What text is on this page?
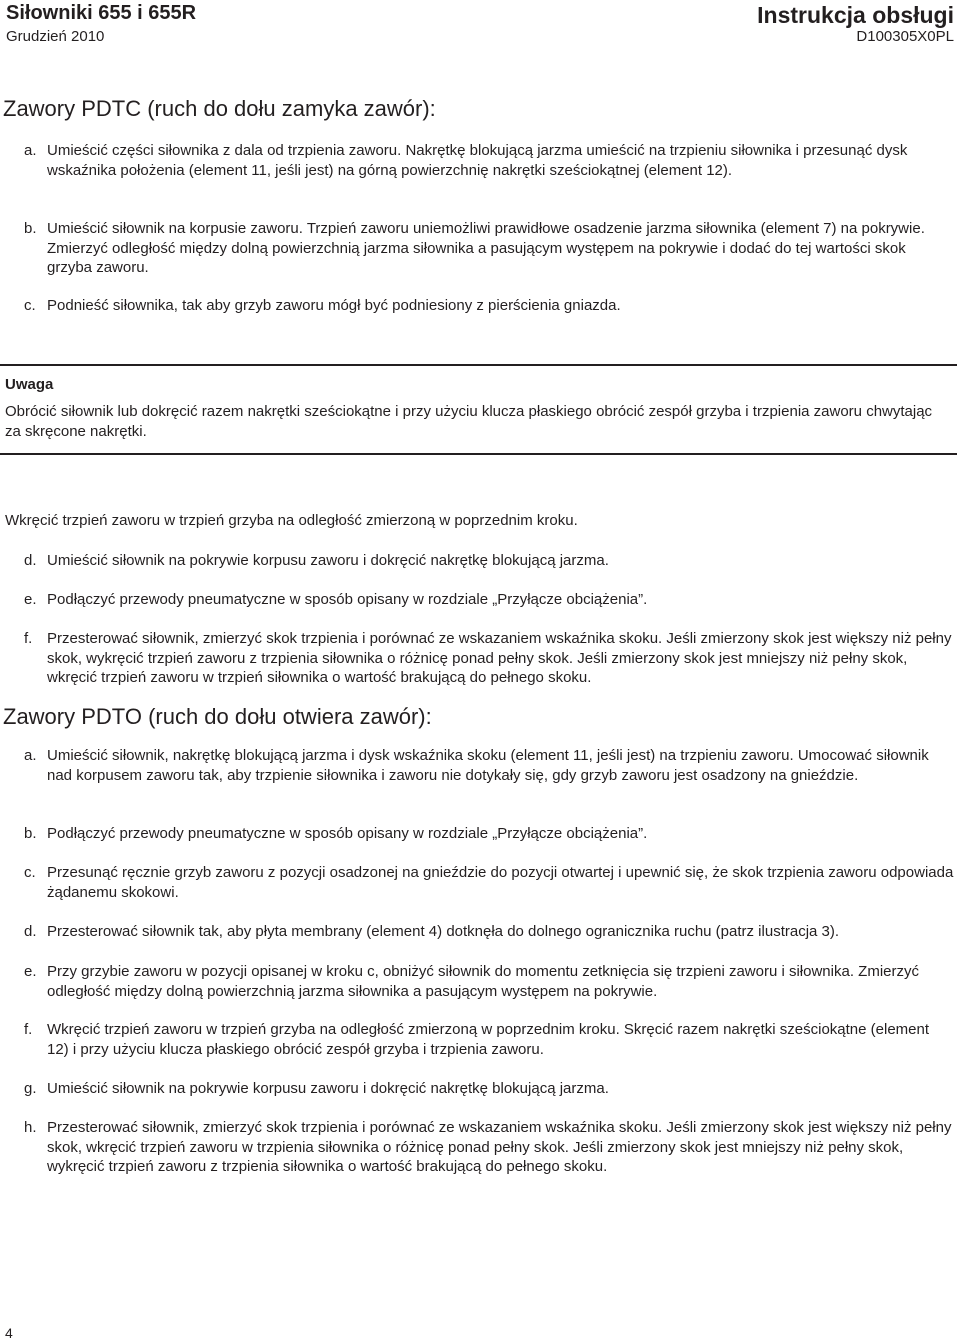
Siłowniki 655 i 655R
Grudzień 2010
Instrukcja obsługi
D100305X0PL
Zawory PDTC (ruch do dołu zamyka zawór):
a. Umieścić części siłownika z dala od trzpienia zaworu. Nakrętkę blokującą jarzma umieścić na trzpieniu siłownika i przesunąć dysk wskaźnika położenia (element 11, jeśli jest) na górną powierzchnię nakrętki sześciokątnej (element 12).
b. Umieścić siłownik na korpusie zaworu. Trzpień zaworu uniemożliwi prawidłowe osadzenie jarzma siłownika (element 7) na pokrywie. Zmierzyć odległość między dolną powierzchnią jarzma siłownika a pasującym występem na pokrywie i dodać do tej wartości skok grzyba zaworu.
c. Podnieść siłownika, tak aby grzyb zaworu mógł być podniesiony z pierścienia gniazda.
Uwaga
Obrócić siłownik lub dokręcić razem nakrętki sześciokątne i przy użyciu klucza płaskiego obrócić zespół grzyba i trzpienia zaworu chwytając za skręcone nakrętki.
Wkręcić trzpień zaworu w trzpień grzyba na odległość zmierzoną w poprzednim kroku.
d. Umieścić siłownik na pokrywie korpusu zaworu i dokręcić nakrętkę blokującą jarzma.
e. Podłączyć przewody pneumatyczne w sposób opisany w rozdziale „Przyłącze obciążenia”.
f. Przesterować siłownik, zmierzyć skok trzpienia i porównać ze wskazaniem wskaźnika skoku. Jeśli zmierzony skok jest większy niż pełny skok, wykręcić trzpień zaworu z trzpienia siłownika o różnicę ponad pełny skok. Jeśli zmierzony skok jest mniejszy niż pełny skok, wkręcić trzpień zaworu w trzpień siłownika o wartość brakującą do pełnego skoku.
Zawory PDTO (ruch do dołu otwiera zawór):
a. Umieścić siłownik, nakrętkę blokującą jarzma i dysk wskaźnika skoku (element 11, jeśli jest) na trzpieniu zaworu. Umocować siłownik nad korpusem zaworu tak, aby trzpienie siłownika i zaworu nie dotykały się, gdy grzyb zaworu jest osadzony na gnieździe.
b. Podłączyć przewody pneumatyczne w sposób opisany w rozdziale „Przyłącze obciążenia”.
c. Przesunąć ręcznie grzyb zaworu z pozycji osadzonej na gnieździe do pozycji otwartej i upewnić się, że skok trzpienia zaworu odpowiada żądanemu skokowi.
d. Przesterować siłownik tak, aby płyta membrany (element 4) dotknęła do dolnego ogranicznika ruchu (patrz ilustracja 3).
e. Przy grzybie zaworu w pozycji opisanej w kroku c, obniżyć siłownik do momentu zetknięcia się trzpieni zaworu i siłownika. Zmierzyć odległość między dolną powierzchnią jarzma siłownika a pasującym występem na pokrywie.
f. Wkręcić trzpień zaworu w trzpień grzyba na odległość zmierzoną w poprzednim kroku. Skręcić razem nakrętki sześciokątne (element 12) i przy użyciu klucza płaskiego obrócić zespół grzyba i trzpienia zaworu.
g. Umieścić siłownik na pokrywie korpusu zaworu i dokręcić nakrętkę blokującą jarzma.
h. Przesterować siłownik, zmierzyć skok trzpienia i porównać ze wskazaniem wskaźnika skoku. Jeśli zmierzony skok jest większy niż pełny skok, wkręcić trzpień zaworu w trzpienia siłownika o różnicę ponad pełny skok. Jeśli zmierzony skok jest mniejszy niż pełny skok, wykręcić trzpień zaworu z trzpienia siłownika o wartość brakującą do pełnego skoku.
4
